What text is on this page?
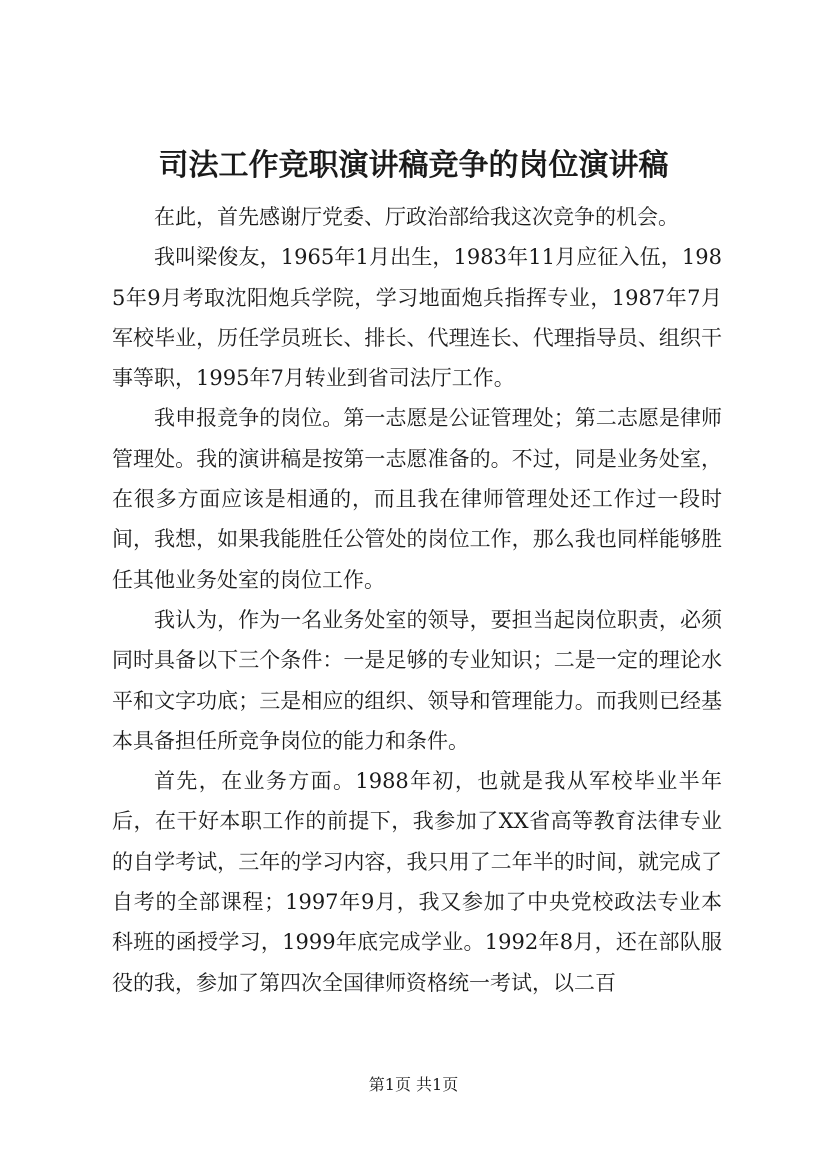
司法工作竞职演讲稿竞争的岗位演讲稿

在此，首先感谢厅党委、厅政治部给我这次竞争的机会。

我叫梁俊友，1965年1月出生，1983年11月应征入伍，1985年9月考取沈阳炮兵学院，学习地面炮兵指挥专业，1987年7月军校毕业，历任学员班长、排长、代理连长、代理指导员、组织干事等职，1995年7月转业到省司法厅工作。

我申报竞争的岗位。第一志愿是公证管理处；第二志愿是律师管理处。我的演讲稿是按第一志愿准备的。不过，同是业务处室，在很多方面应该是相通的，而且我在律师管理处还工作过一段时间，我想，如果我能胜任公管处的岗位工作，那么我也同样能够胜任其他业务处室的岗位工作。

我认为，作为一名业务处室的领导，要担当起岗位职责，必须同时具备以下三个条件：一是足够的专业知识；二是一定的理论水平和文字功底；三是相应的组织、领导和管理能力。而我则已经基本具备担任所竞争岗位的能力和条件。

首先，在业务方面。1988年初，也就是我从军校毕业半年后，在干好本职工作的前提下，我参加了XX省高等教育法律专业的自学考试，三年的学习内容，我只用了二年半的时间，就完成了自考的全部课程；1997年9月，我又参加了中央党校政法专业本科班的函授学习，1999年底完成学业。1992年8月，还在部队服役的我，参加了第四次全国律师资格统一考试，以二百

第1页 共1页
